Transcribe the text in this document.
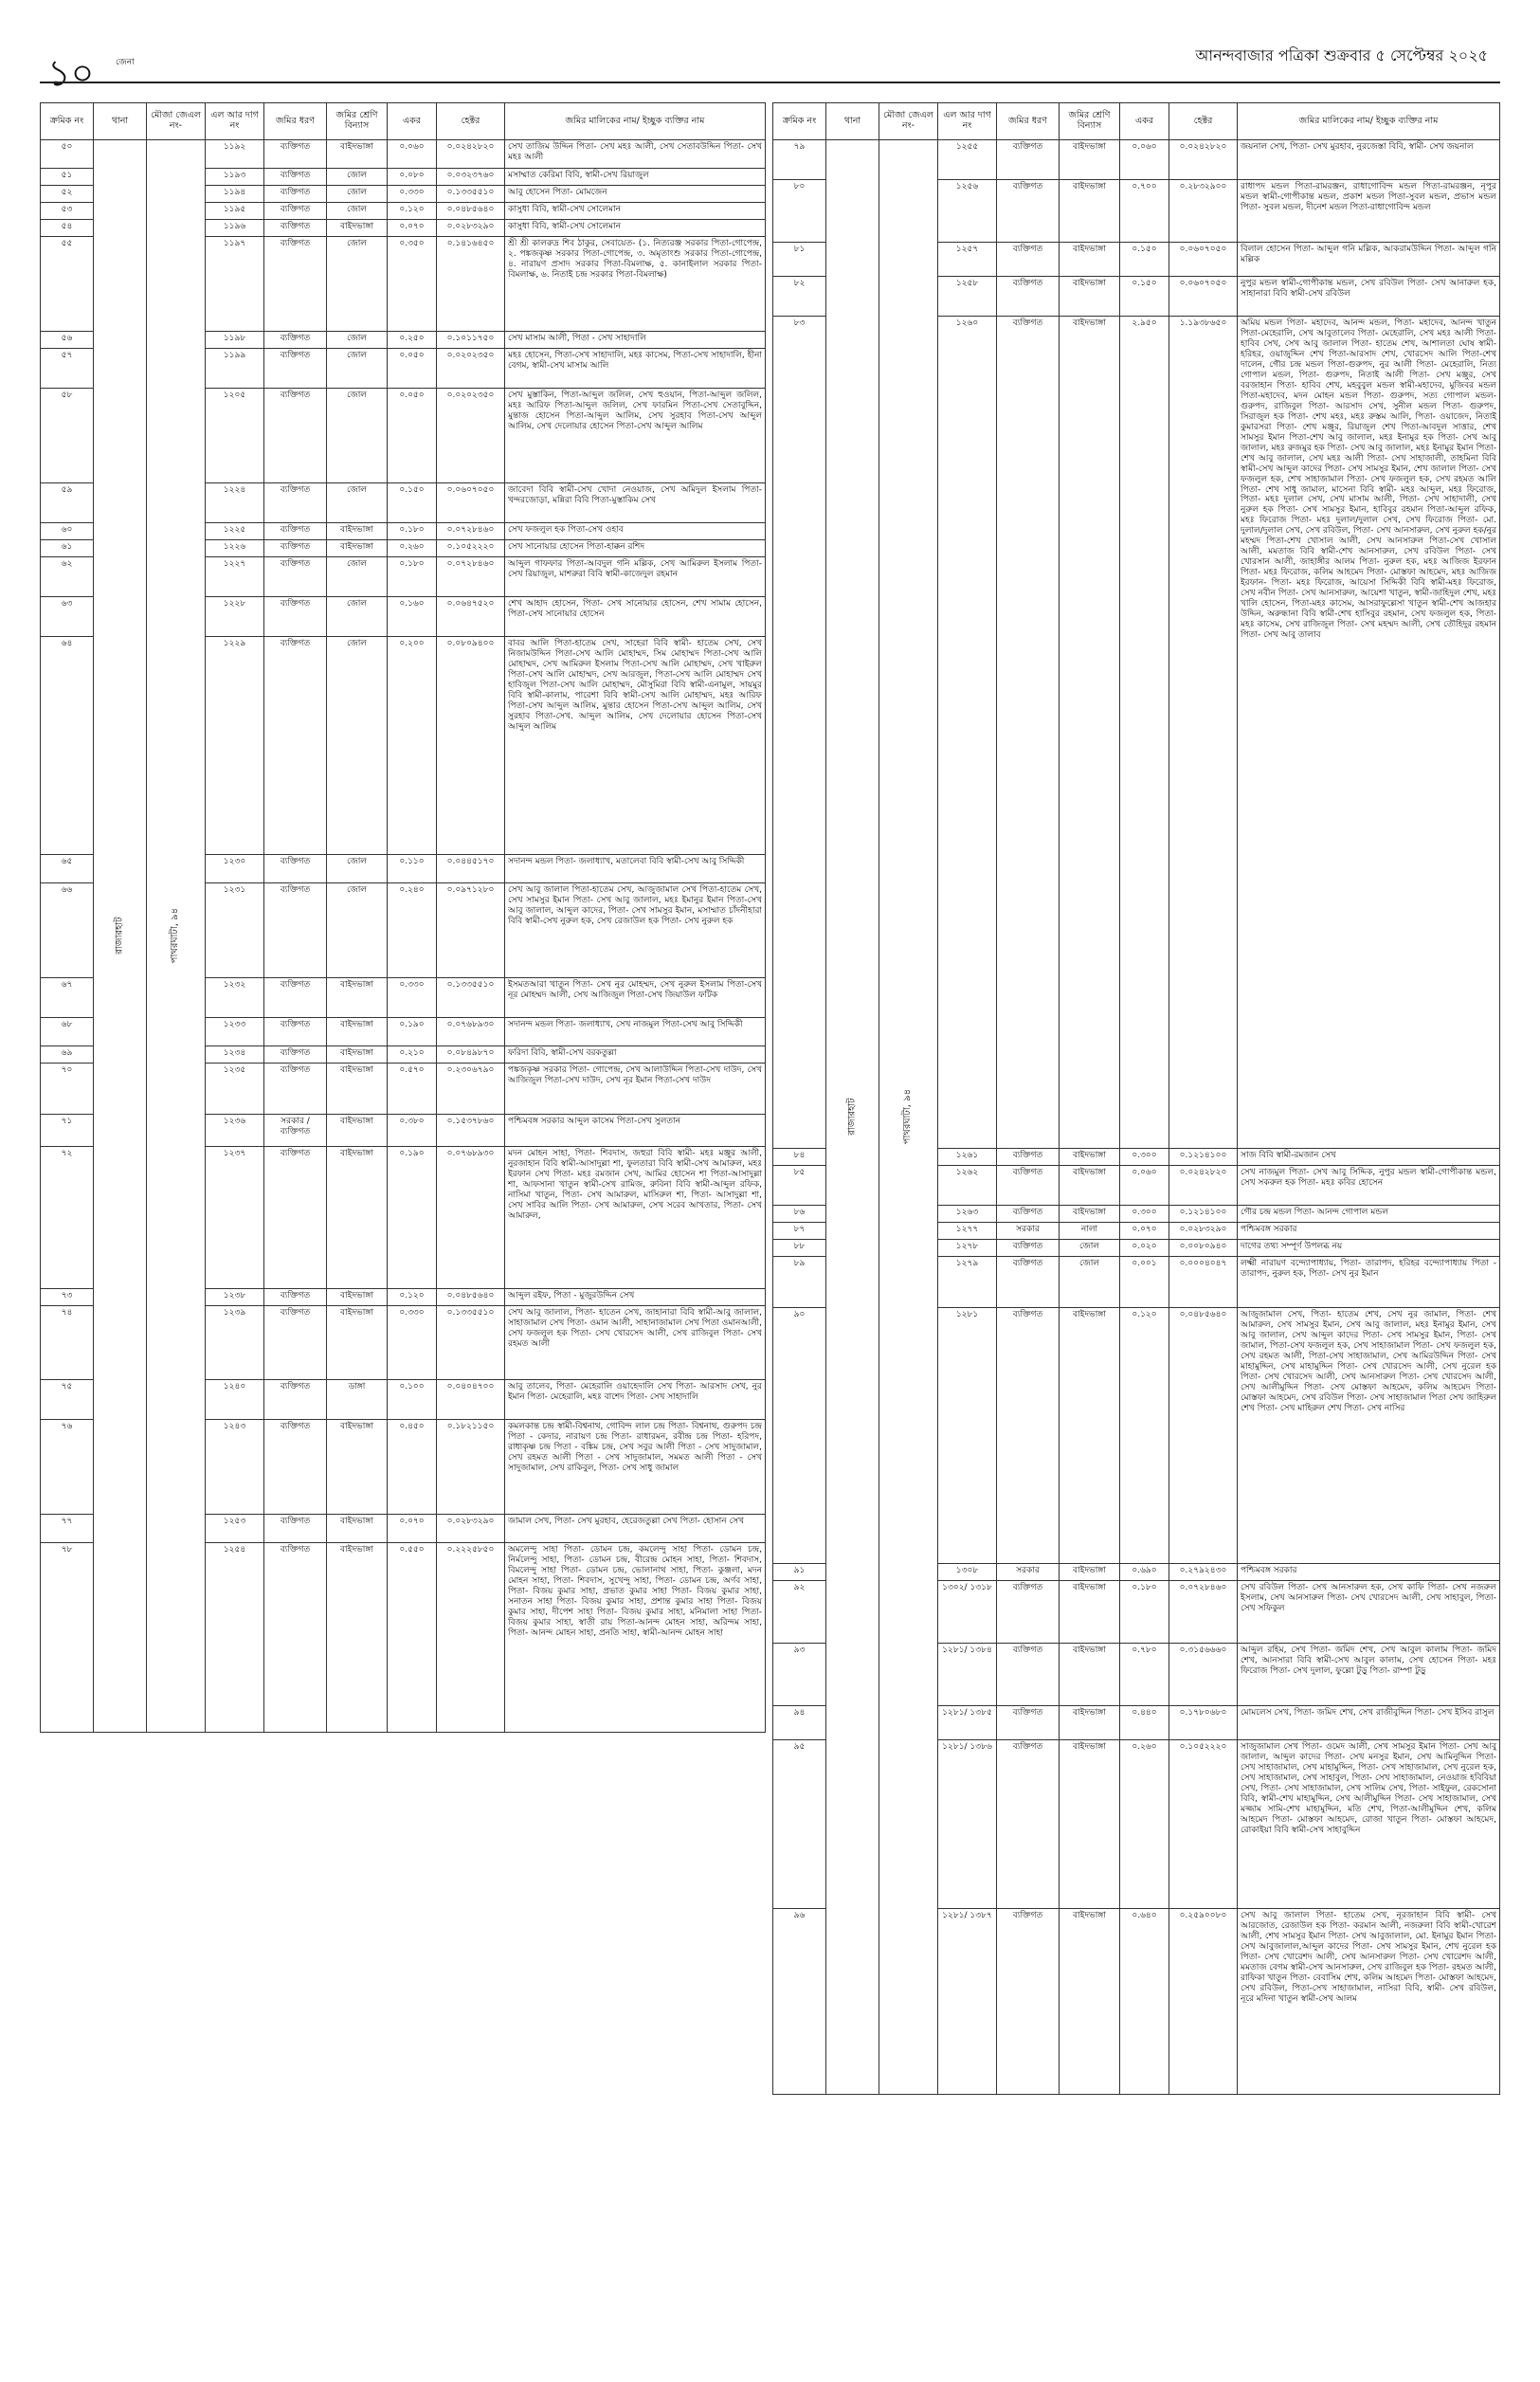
১০	জেনা	আনন্দবাজার পত্রিকা শুক্রবার ৫ সেপ্টেম্বর ২০২৫
ক্রমিক নং	থানা	মৌজা জেএল নং-	এল আর দাগ নং	জমির ধরণ	জমির শ্রেণি বিন্যাস	একর	হেক্টর	জমির মালিকের নাম/ ইচ্ছুক ব্যক্তির নাম
৫০	রাজারহাট	পাথরঘাটা, ৯৪	১১৯২	ব্যক্তিগত	বাইদভাঙ্গা	০.০৬০	০.০২৪২৮২০	সেখ তাজিম উদ্দিন পিতা- সেখ মহঃ আলী, সেখ সেতাবউদ্দিন পিতা- সেখ মহঃ আলী
৫১			১১৯৩	ব্যক্তিগত	জোল	০.০৮০	০.০৩২৩৭৬০	মসাম্মাত কেরিমা বিবি, স্বামী-সেখ রিয়াজুল
৫২			১১৯৪	ব্যক্তিগত	জোল	০.৩৩০	০.১৩৩৫৫১০	আবু হোসেন পিতা- মোমজেন
৫৩			১১৯৫	ব্যক্তিগত	জোল	০.১২০	০.০৪৮৫৬৪০	কাসুধা বিবি, স্বামী-সেখ সোলেমান
৫৪			১১৯৬	ব্যক্তিগত	বাইদভাঙ্গা	০.০৭০	০.০২৮৩২৯০	কাসুধা বিবি, স্বামী-সেখ সোলেমান
৫৫			১১৯৭	ব্যক্তিগত	জোল	০.৩৫০	০.১৪১৬৪৫০	শ্রী শ্রী কালরুদ্র শিব ঠাকুর, সেবায়েত- (১. নিত্যরঞ্জ সরকার পিতা-গোপেন্দ্র, ২. পঙ্কজকৃষ্ণ সরকার পিতা-গোপেন্দ্র, ৩. অমৃতাংশু সরকার পিতা-গোপেন্দ্র, ৪. নারায়ণ প্রসাদ সরকার পিতা-বিমলাক্ষ, ৫. কানাইলাল সরকার পিতা-বিমলাক্ষ, ৬. নিতাই চন্দ্র সরকার পিতা-বিমলাক্ষ)
৫৬			১১৯৮	ব্যক্তিগত	জোল	০.২৫০	০.১০১১৭৫০	সেখ মাসাম আলী, পিতা - সেখ সাহাদালি
৫৭			১১৯৯	ব্যক্তিগত	জোল	০.০৫০	০.০২০২৩৫০	মহঃ হোসেন, পিতা-সেখ সাহাদালি, মহঃ কাসেম, পিতা-সেখ সাহাদালি, হীনা বেগম, স্বামী-সেখ মাসাম আলি
৫৮			১২০৫	ব্যক্তিগত	জোল	০.০৫০	০.০২০২৩৫০	সেখ মুস্তাকিন, পিতা-আব্দুল জলিল, সেখ হুওয়ান, পিতা-আব্দুল জলিল, মহঃ আরিফ পিতা-আব্দুল জলিল, সেখ ফারমিন পিতা-সেখ সেতাবুদ্দিন, মুন্তাজ হোসেন পিতা-আব্দুল আলিম, সেখ সুরহাব পিতা-সেখ আব্দুল আলিম, সেখ দেলোয়ার হোসেন পিতা-সেখ আব্দুল আলিম
৫৯			১২২৪	ব্যক্তিগত	জোল	০.১৫০	০.০৬০৭০৫০	জাবেদা বিবি স্বামী-সেখ খোদা নেওয়াজ, সেখ অমিদুল ইসলাম পিতা-খন্দরজোড়া, মন্নিরা বিবি পিতা-মুস্তাকিম সেখ
৬০			১২২৫	ব্যক্তিগত	বাইদভাঙ্গা	০.১৮০	০.০৭২৮৪৬০	সেখ ফজলুল হক পিতা-সেখ ওহাব
৬১			১২২৬	ব্যক্তিগত	বাইদভাঙ্গা	০.২৬০	০.১০৫২২২০	সেখ সানোয়ার হোসেন পিতা-হাক্কন রশিদ
৬২			১২২৭	ব্যক্তিগত	জোল	০.১৮০	০.০৭২৮৪৬০	আব্দুল গাফফার পিতা-আবদুল গনি মল্লিক, সেখ আমিরুল ইসলাম পিতা-সেখ রিয়াজুল, মাশরুরা বিবি স্বামী-কাজেদুল রহমান
৬৩			১২২৮	ব্যক্তিগত	জোল	০.১৬০	০.০৬৪৭৫২০	শেখ আহাদ হোসেন, পিতা- সেখ সানোয়ার হোসেন, শেখ সামাম হোসেন, পিতা-সেখ সানোয়ার হোসেন
৬৪			১২২৯	ব্যক্তিগত	জোল	০.২০০	০.০৮০৯৪০০	বাবর আলি পিতা-হাতেম সেখ, সাহেরা বিবি স্বামী- হাতেম সেখ, সেখ নিজামউদ্দিন পিতা-সেখ আলি মোহাম্মদ, সিম মোহাম্মদ পিতা-সেখ আলি মোহাম্মদ, সেখ আমিরুল ইসলাম পিতা-সেখ আলি মোহাম্মদ, সেখ খাইরুল পিতা-সেখ আলি মোহাম্মদ, সেখ আরজুল, পিতা-সেখ আলি মোহাম্মদ সেখ হাবিজুল পিতা-সেখ আলি মোহাম্মদ, মৌসুমিরা বিবি স্বামী-এনামুল, সায়মুর বিবি স্বামী-কালাম, পারেশা বিবি স্বামী-সেখ আলি মোহাম্মদ, মহঃ আরিফ পিতা-সেখ আব্দুল আলিম, মুন্তার হোসেন পিতা-সেখ আব্দুল আলিম, সেখ সুরহাব পিতা-সেখ. আব্দুল আলিম, সেখ দেলোয়ার হোসেন পিতা-সেখ আব্দুল আলিম
৬৫			১২৩০	ব্যক্তিগত	জোল	০.১১০	০.০৪৪৫১৭০	সদানন্দ মন্ডল পিতা- জলাধ্যাখ, মতালেবা বিবি স্বামী-সেখ আবু সিদ্দিকী
৬৬			১২৩১	ব্যক্তিগত	জোল	০.২৪০	০.০৯৭১২৮০	সেখ আবু জালাল পিতা-হাতেম সেখ, আজুজামাল সেখ পিতা-হাতেম সেখ, সেখ সামসুর ইমান পিতা- সেখ আবু জালাল, মহঃ ইমানুর ইমান পিতা-সেখ আবু জালাল, আব্দুল কাদের, পিতা- সেখ সামসুর ইমান, মসাম্মাত চাঁদনীহারা বিবি স্বামী-সেখ নুরুল হক, সেখ রেজাউল হক পিতা- সেখ নুরুল হক
৬৭			১২৩২	ব্যক্তিগত	বাইদভাঙ্গা	০.৩৩০	০.১৩৩৫৫১০	ইসমতআরা খাতুন পিতা- সেখ নুর মোহম্মদ, সেখ নুরুল ইসলাম পিতা-সেখ নূর মোহম্মদ আলী, সেখ আজিজুল পিতা-সেখ জিয়াউল ফটিক
৬৮			১২৩৩	ব্যক্তিগত	বাইদভাঙ্গা	০.১৯০	০.০৭৬৮৯৩০	সদানন্দ মন্ডল পিতা- জলাধ্যাখ, সেখ নাজমুল পিতা-সেখ আবু সিদ্দিকী
৬৯			১২৩৪	ব্যক্তিগত	বাইদভাঙ্গা	০.২১০	০.০৮৪৯৮৭০	ফরিদা বিবি, স্বামী-সেখ বরকতুল্লা
৭০			১২৩৫	ব্যক্তিগত	বাইদভাঙ্গা	০.৫৭০	০.২৩০৬৭৯০	পঙ্কজকৃষ্ণ সরকার পিতা- গোপেন্দ্র, সেখ আলাউদ্দিন পিতা-সেখ দাউদ, সেখ আজিজুল পিতা-সেখ দাউদ, সেখ নূর ইমান পিতা-সেখ দাউদ
৭১			১২৩৬	সরকার / ব্যক্তিগত	বাইদভাঙ্গা	০.৩৮০	০.১৫৩৭৮৬০	পশ্চিমবঙ্গ সরকার আব্দুল কাসেম পিতা-সেখ সুলতান
৭২			১২৩৭	ব্যক্তিগত	বাইদভাঙ্গা	০.১৯০	০.০৭৬৮৯৩০	মদন মোহন সাহা, পিতা- শিবদাস, জহুরা বিবি স্বামী- মহঃ মঞ্জুর আলী, নুরজাহান বিবি স্বামী-আসাদুল্লা শা, ফুলতারা বিবি স্বামী-সেখ আমারুল, মহঃ ইরফান সেখ পিতা- মহঃ রমজান সেখ, আমির হোসেন শা পিতা-আসাদুল্লা শা, আফসানা খাতুন স্বামী-সেখ রামিজ, রুবিনা বিবি স্বামী-আব্দুল রফিক, নাসিমা খাতুন, পিতা- সেখ আমারুল, মাসিরুল শা, পিতা- আসাদুল্লা শা, সেখ সাবির আলি পিতা- সেখ আমারুল, সেখ সরেব আখতার, পিতা- সেখ আমারুল,
৭৩			১২৩৮	ব্যক্তিগত	বাইদভাঙ্গা	০.১২০	০.০৪৮৫৬৪০	আব্দুল রইফ, পিতা - মুজুরউদ্দিন সেখ
৭৪			১২৩৯	ব্যক্তিগত	বাইদভাঙ্গা	০.৩৩০	০.১৩৩৫৫১০	সেখ আবু জালাল, পিতা- হাতেন সেখ, জাহানারা বিবি স্বামী-আবু জালাল, সাহাজামাল সেখ পিতা- ওমান আলী, সাহানাজামাল সেখ পিতা ওমানআলী, সেখ ফজলুল হক পিতা- সেখ খোরসেদ আলী, সেখ রাজিবুল পিতা- সেখ রহমত আলী
৭৫			১২৪০	ব্যক্তিগত	ডাঙ্গা	০.১০০	০.০৪০৪৭০০	আবু তালেব, পিতা- মেহেরালি ওয়াহেদালি সেখ পিতা- আরসাদ সেখ, নুর ইমান পিতা- মেহেরালি, মহঃ বাশেদ পিতা- সেখ সাহাদালি
৭৬			১২৪৩	ব্যক্তিগত	বাইদভাঙ্গা	০.৪৫০	০.১৮২১১৫০	কমলকান্ত চন্দ্র স্বামী-বিশ্বনাথ, গোবিন্দ লাল চন্দ্র পিতা- বিশ্বনাথ, গুরুপদ চন্দ্র পিতা - কেদার, নারায়ণ চন্দ্র পিতা- রাধারমন, রবীন্দ্র চন্দ্র পিতা- হরিপদ, রাধাকৃষ্ণ চন্দ্র পিতা - বঙ্কিম চন্দ্র, সেখ সবুর আলী পিতা - সেখ সাদুজামাল, সেখ রহমত আলী পিতা - সেখ সাদুজামাল, সমমত আলী পিতা - সেখ সাদুজামাল, সেখ রাকিবুল, পিতা- সেখ সাধু জামাল
৭৭			১২৫৩	ব্যক্তিগত	বাইদভাঙ্গা	০.০৭০	০.০২৮৩২৯০	জামাল সেখ, পিতা- সেখ মুরহাব, হেরেজতুল্লা সেখ পিতা- হোসান সেখ
৭৮			১২৫৪	ব্যক্তিগত	বাইদভাঙ্গা	০.৫৫০	০.২২২৫৮৫০	অমলেন্দু সাহা পিতা- ডোমন চন্দ্র, কমলেন্দু সাহা পিতা- ডোমন চন্দ্র, নির্মলেন্দু সাহা, পিতা- ডোমন চন্দ্র, বীরেন্দ্র মোহন সাহা, পিতা- শিবদাস, বিমলেন্দু সাহা পিতা- ডোমন চন্দ্র, ভোলানাথ সাহা, পিতা- কুঞ্জলা, মদন মোহন সাহা, পিতা- শিবদাস, সুখেন্দু সাহা, পিতা- ডোমন চন্দ্র, অর্ণব সাহা, পিতা- বিজয় কুমার সাহা, প্রভাত কুমার সাহা পিতা- বিজয় কুমার সাহা, সনাতন সাহা পিতা- বিজয় কুমার সাহা, প্রশান্ত কুমার সাহা পিতা- বিজয় কুমার সাহা, দীপেশ সাহা পিতা- বিজয় কুমার সাহা, মনিমালা সাহা পিতা-বিজয় কুমার সাহা, স্বাতী রায় পিতা-আনন্দ মোহন সাহা, অরিন্দম সাহা, পিতা- আনন্দ মোহন সাহা, প্রনতি সাহা, স্বামী-আনন্দ মোহন সাহা
ক্রমিক নং	থানা	মৌজা জেএল নং-	এল আর দাগ নং	জমির ধরণ	জমির শ্রেণি বিন্যাস	একর	হেক্টর	জমির মালিকের নাম/ ইচ্ছুক ব্যক্তির নাম
৭৯	রাজারহাট	পাথরঘাটা, ৯৪	১২৫৫	ব্যক্তিগত	বাইদভাঙ্গা	০.০৬০	০.০২৪২৮২০	জয়নাল সেখ, পিতা- সেখ মুরহাব, নুরজেস্তা বিবি, স্বামী- সেখ জয়নাল
৮০			১২৫৬	ব্যক্তিগত	বাইদভাঙ্গা	০.৭০০	০.২৮৩২৯০০	রাধাপদ মন্ডল পিতা-রামরঞ্জন, রাধাগোবিন্দ মন্ডল পিতা-রামরঞ্জন, নৃপুর মন্ডল স্বামী-গোপীকান্ত মন্ডল, প্রকাশ মন্ডল পিতা-সুবল মন্ডল, প্রভাস মন্ডল পিতা- সুবল মন্ডল, দীনেশ মন্ডল পিতা-রাধাগোবিন্দ মন্ডল
৮১			১২৫৭	ব্যক্তিগত	বাইদভাঙ্গা	০.১৫০	০.০৬০৭০৫০	বিলাল হোসেন পিতা- আব্দুল গনি মল্লিক, আকরামউদ্দিন পিতা- আব্দুল গনি মল্লিক
৮২			১২৫৮	ব্যক্তিগত	বাইদভাঙ্গা	০.১৫০	০.০৬০৭০৫০	নুপুর মন্ডল স্বামী-গোপীকান্ত মন্ডল, সেখ রবিউল পিতা- সেখ আনারুল হক, সাহানারা বিবি স্বামী-সেখ রবিউল
৮৩			১২৬০	ব্যক্তিগত	বাইদভাঙ্গা	২.৯৫০	১.১৯৩৮৬৫০	অমিয় মন্ডল পিতা- মহাদেব, আনন্দ মন্ডল, পিতা- মহাদেব, আনন্দ খাতুন পিতা-মেহেরালি, সেখ আবুতালেব পিতা- মেহেরালি, সেখ মহঃ আলী পিতা- হাবিব সেখ, সেখ আবু জালাল পিতা- হাতেম শেখ, আশালতা ঘোষ স্বামী-হরিহর, ওয়াজুদ্দিন শেখ পিতা-আরসাদ শেখ, খোরসেদ আলি পিতা-শেখ দালেন, গৌর চন্দ্র মন্ডল পিতা-গুরুপদ, নুর আলী পিতা- মেহেরালি, নিত্য গোপাল মন্ডল, পিতা- গুরুপদ, নিতাই আলী পিতা- সেখ মঞ্জুর, সেখ বরজাহান পিতা- হাবিব শেখ, মহবুবুল মন্ডল স্বামী-মহাদেব, মুজিবর মন্ডল পিতা-মহাদেব, মদন মোহন মন্ডল পিতা- গুরুপদ, সত্য গোপাল মন্ডল- গুরুপদ, রাজিবুল পিতা- আরসাদ সেখ, সুনীল মন্ডল পিতা- গুরুপদ, সিরাজুল হক পিতা- শেখ মহঃ, মহঃ রুস্তম আলি, পিতা- ওয়াজেদ, নিতাই কুমারসরা পিতা- শেখ মঞ্জুর, রিয়াজুল শেখ পিতা-আবদুল সাত্তার, শেখ সামসুর ইমান পিতা-শেখ আবু জালাল, মহঃ ইনামুর হক পিতা- সেখ আবু জালাল, মহঃ রুজমুর হক পিতা- সেখ আবু জালাল, মহঃ ইনামুর ইমান পিতা-শেখ আবু জালাল, সেখ মহঃ আলী পিতা- সেখ সাহাজালী, তাহমিনা বিবি স্বামী-সেখ আব্দুল কাদের পিতা- সেখ সামসুর ইমান, শেখ জালাল পিতা- সেখ ফজলুল হক, শেখ সাহাজামাল পিতা- সেখ ফজলুল হক, সেখ রহমত আলি পিতা- শেখ সাধু জামাল, মাসেনা বিবি স্বামী- মহঃ আব্দুল, মহঃ ফিরোজ, পিতা- মহঃ দুলাল সেখ, সেখ মাসাম আলী, পিতা- সেখ সাহাদালী, সেখ নুরুল হক পিতা- সেখ সামসুর ইমান, হাবিবুর রহমান পিতা-আব্দুল রফিক, মহঃ ফিরোজ পিতা- মহঃ দুলাল/দুলাল সেখ, সেখ ফিরোজ পিতা- মো. দুলাল/দুলাল সেখ, সেখ রবিউল, পিতা- সেখ আনসারুল, সেখ নুরুল হক/নুর মহম্মদ পিতা-শেখ খোসাল আলী, সেখ আনসারুল পিতা-সেখ খোসাল আলী, মমতাজ বিবি স্বামী-শেখ আনসারুল, সেখ রবিউল পিতা- সেখ খোরসান আলী, জাহাঙ্গীর আলম পিতা- নুরুল হক, মহঃ আজিজ ইরফান পিতা- মহঃ ফিরোজ, কলিম আহমেদ পিতা- মোস্তফা আহমেদ, মহঃ আজিজ ইরফান- পিতা- মহঃ ফিরোজ, আয়েসা সিদ্দিকী বিবি স্বামী-মহঃ ফিরোজ, সেখ নবীন পিতা- সেখ আনসারুল, আয়েশা খাতুন, স্বামী-জাহিদুল শেখ, মহঃ খালি হোসেন, পিতা-মহঃ কাসেম, আসরাফুল্লেসা খাতুন স্বামী-শেখ আজহার উদ্দিন, অরুন্ধানা বিবি স্বামী-শেখ হাসিবুর রহমান, সেখ ফজলুল হক, পিতা- মহঃ কাসেম, সেখ রাজিজুল পিতা- সেখ মহম্মদ আলী, সেখ তৌহিদুর রহমান পিতা- সেখ আবু তালাব
৮৪			১২৬১	ব্যক্তিগত	বাইদভাঙ্গা	০.৩০০	০.১২১৪১০০	সাজ বিবি স্বামী-রমজান সেখ
৮৫			১২৬২	ব্যক্তিগত	বাইদভাঙ্গা	০.০৬০	০.০২৪২৮২০	সেখ নাজমুল পিতা- সেখ আবু সিদ্দিক, নুপুর মন্ডল স্বামী-গোপীকান্ত মন্ডল, সেখ সকরুল হক পিতা- মহঃ কবির হোসেন
৮৬			১২৬৩	ব্যক্তিগত	বাইদভাঙ্গা	০.৩০০	০.১২১৪১০০	গৌর চন্দ্র মন্ডল পিতা- আনন্দ গোপাল মন্ডল
৮৭			১২৭৭	সরকার	নালা	০.০৭০	০.০২৮৩২৯০	পশ্চিমবঙ্গ সরকার
৮৮			১২৭৮	ব্যক্তিগত	জোল	০.০২০	০.০০৮০৯৪০	দাগের তথ্য সম্পূর্ণ উপলব্ধ নয়
৮৯			১২৭৯	ব্যক্তিগত	জোল	০.০০১	০.০০০৪০৪৭	লক্ষ্মী নারায়ণ বন্দ্যোপাধ্যায়, পিতা- তারাপদ, হরিহর বন্দ্যোপাধ্যায় পিতা - তারাপদ, নুরুল হক, পিতা- সেখ নুর ইমান
৯০			১২৮১	ব্যক্তিগত	বাইদভাঙ্গা	০.১২০	০.০৪৮৫৬৪০	আজুজামাল সেখ, পিতা- হাতেম শেখ, সেখ নুর জামাল, পিতা- শেখ আমারুল, সেখ সামসুর ইমান, সেখ আবু জালাল, মহঃ ইনামুর ইমান, সেখ আবু জালাল, সেখ আব্দুল কাদের পিতা- সেখ সামসুর ইমান, পিতা- সেখ জামাল, পিতা-সেখ ফজলুল হক, সেখ সাহাজামাল পিতা- সেখ ফজলুল হক, সেখ রহমত আলী, পিতা-সেখ সাহাজামাল, সেখ আমিরউদ্দিন পিতা- সেখ মাহামুদ্দিন, সেখ মাহামুদ্দিন পিতা- সেখ খোরসেদ আলী, সেখ নুরেল হক পিতা- সেখ খোরসেদ আলী, সেখ আনসারুল পিতা- সেখ খোরসেদ আলী, সেখ আলীমুদ্দিন পিতা- সেখ মোস্তফা আহমেদ, কলিম আহমেদ পিতা- মোস্তফা আহমেদ, সেখ রবিউল পিতা- সেখ সাহাজামাল পিতা সেখ জাহিরুল শেখ পিতা- সেখ মাহিরুল শেখ পিতা- সেখ নাসির
৯১			১৩০৮	সরকার	বাইদভাঙ্গা	০.৬৯০	০.২৭৯২৪৩০	পশ্চিমবঙ্গ সরকার
৯২			১৩০২/ ১৩১৮	ব্যক্তিগত	বাইদভাঙ্গা	০.১৮০	০.০৭২৮৪৬০	সেখ রবিউল পিতা- সেখ আনসারুল হক, সেখ কাফি পিতা- সেখ নজরুল ইসলাম, সেখ আনসারুল পিতা- সেখ খোরসেদ আলী, সেখ সাহাবুল, পিতা- সেখ সফিকুল
৯৩			১২৮১/ ১৩৮৪	ব্যক্তিগত	বাইদভাঙ্গা	০.৭৮০	০.৩১৫৬৬৬০	আব্দুল রহিম, সেখ পিতা- জমিদ শেখ, সেখ আবুল কালাম পিতা- জমিদ শেখ, আনসারা বিবি স্বামী-সেখ আবুল কালাম, সেখ হোসেন পিতা- মহঃ ফিরোজ পিতা- সেখ দুলাল, ফুল্লো টুড়ু পিতা- রাম্পা টুড়ু
৯৪			১২৮১/ ১৩৮৫	ব্যক্তিগত	বাইদভাঙ্গা	০.৪৪০	০.১৭৮০৬৮০	মোমলেস সেখ, পিতা- জমিদ শেখ, সেখ রাজীবুদ্দিন পিতা- সেখ ইসিব রাসুল
৯৫			১২৮১/ ১৩৮৬	ব্যক্তিগত	বাইদভাঙ্গা	০.২৬০	০.১০৫২২২০	সাজুজামাল সেখ পিতা- ওমেদ আলী, সেখ সামসুর ইমান পিতা- সেখ আবু জালাল, আব্দুল কাদের পিতা- সেখ মনসুর ইমান, সেখ আমিনুদ্দিন পিতা- সেখ সাহাজামাল, সেখ মাহামুদ্দিন, পিতা- সেখ সাহাজামাল, সেখ নুরেল হক, সেখ সাহাজামাল, সেখ সাহাবুল, পিতা- সেখ সাহাজামাল, নেওয়াজ হবিবিয়া সেখ, পিতা- সেখ সাহাজামাল, সেখ সালিম সেখ, পিতা- সাইফুল, রেকসোনা বিবি, স্বামী-শেখ মাহামুদ্দিন, সেখ আলীমুদ্দিন পিতা- সেখ সাহাজামাল, সেখ মজ্জাম সামি-শেখ মাহামুদ্দিন, মতি শেখ, পিতা-আলীমুদ্দিন শেখ, কলিম আহমেদ পিতা- মোস্তফা আহমেদ, রোজা খাতুন পিতা- মোস্তফা আহমেদ, রোকাইয়া বিবি স্বামী-সেখ সাহাবুদ্দিন
৯৬			১২৮১/ ১৩৮৭	ব্যক্তিগত	বাইদভাঙ্গা	০.৬৪০	০.২৫৯০০৮০	সেখ আবু জালাল পিতা- হাতেম সেখ, নূরজাহান বিবি স্বামী- সেখ আরজোত, রেজাউল হক পিতা- করমান আলী, নজরুলা বিবি স্বামী-খোরেশ আলী, শেখ সামসুর ইমান পিতা- সেখ আবুজালাল, মো. ইনামুর ইমান পিতা- সেখ আবুজালাল,আব্দুল কাদের পিতা- সেখ সামসুর ইমান, শেখ নুরেল হক পিতা- সেখ খোরেশদ আলী, সেখ আনসারুল পিতা- সেখ খোরেশদ আলী, মমতাজ বেগম স্বামী-সেখ আনসারুল, সেখ রাজিবুল হক পিতা- রহমত আলী, রাফিকা খাতুন পিতা- বেবাসিম শেখ, কলিম আহমেদ পিতা- মোস্তফা আহমেদ, সেখ রবিউল, পিতা-সেখ সাহাজামাল, নাসিরা বিবি, স্বামী- সেখ রবিউল, নূরে মদিনা খাতুন স্বামী-সেখ আলম
